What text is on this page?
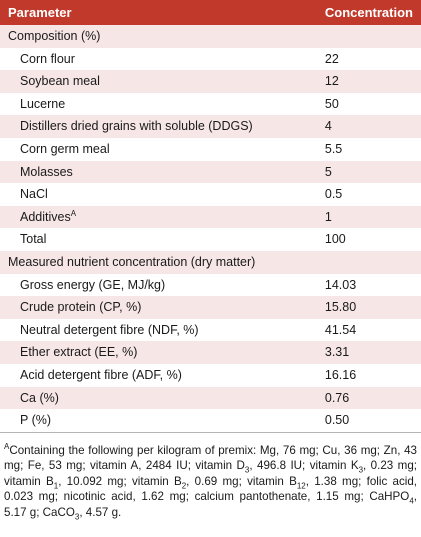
Parameter	Concentration
Composition (%)	
Corn flour	22
Soybean meal	12
Lucerne	50
Distillers dried grains with soluble (DDGS)	4
Corn germ meal	5.5
Molasses	5
NaCl	0.5
Additives$^A$	1
Total	100
Measured nutrient concentration (dry matter)	
Gross energy (GE, MJ/kg)	14.03
Crude protein (CP, %)	15.80
Neutral detergent fibre (NDF, %)	41.54
Ether extract (EE, %)	3.31
Acid detergent fibre (ADF, %)	16.16
Ca (%)	0.76
P (%)	0.50
$^A$Containing the following per kilogram of premix: Mg, 76 mg; Cu, 36 mg; Zn, 43 mg; Fe, 53 mg; vitamin A, 2484 IU; vitamin $D_3$, 496.8 IU; vitamin $K_3$, 0.23 mg; vitamin $B_1$, 10.092 mg; vitamin $B_2$, 0.69 mg; vitamin $B_{12}$, 1.38 mg; folic acid, 0.023 mg; nicotinic acid, 1.62 mg; calcium pantothenate, 1.15 mg; CaHPO$_4$, 5.17 g; CaCO$_3$, 4.57 g.
